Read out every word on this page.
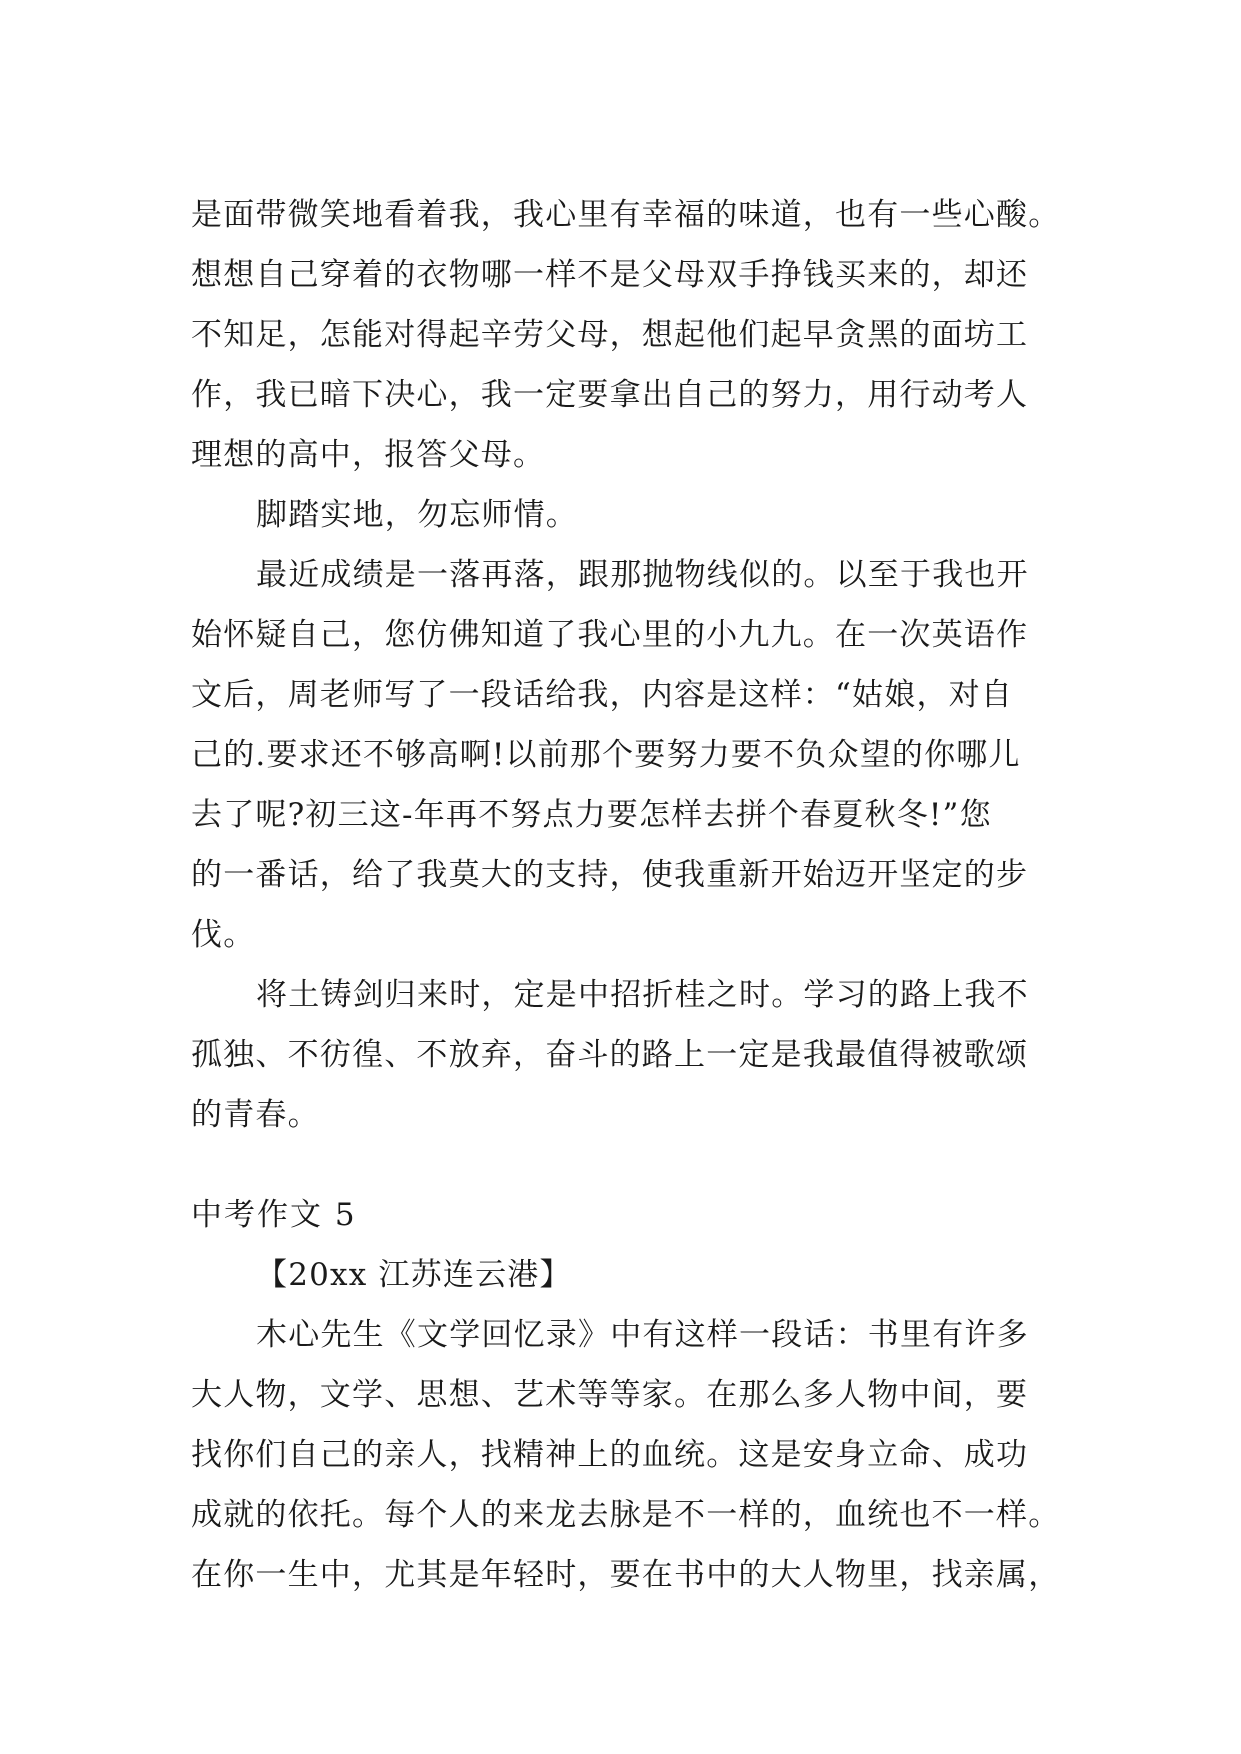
是面带微笑地看着我，我心里有幸福的味道，也有一些心酸。

想想自己穿着的衣物哪一样不是父母双手挣钱买来的，却还

不知足，怎能对得起辛劳父母，想起他们起早贪黑的面坊工

作，我已暗下决心，我一定要拿出自己的努力，用行动考人

理想的高中，报答父母。

脚踏实地，勿忘师情。

最近成绩是一落再落，跟那抛物线似的。以至于我也开

始怀疑自己，您仿佛知道了我心里的小九九。在一次英语作

文后，周老师写了一段话给我，内容是这样：“姑娘，对自

己的.要求还不够高啊!以前那个要努力要不负众望的你哪儿

去了呢?初三这-年再不努点力要怎样去拼个春夏秋冬!”您

的一番话，给了我莫大的支持，使我重新开始迈开坚定的步

伐。

将土铸剑归来时，定是中招折桂之时。学习的路上我不

孤独、不彷徨、不放弃，奋斗的路上一定是我最值得被歌颂

的青春。

中考作文 5

【20xx 江苏连云港】

木心先生《文学回忆录》中有这样一段话：书里有许多

大人物，文学、思想、艺术等等家。在那么多人物中间，要

找你们自己的亲人，找精神上的血统。这是安身立命、成功

成就的依托。每个人的来龙去脉是不一样的，血统也不一样。

在你一生中，尤其是年轻时，要在书中的大人物里，找亲属，
